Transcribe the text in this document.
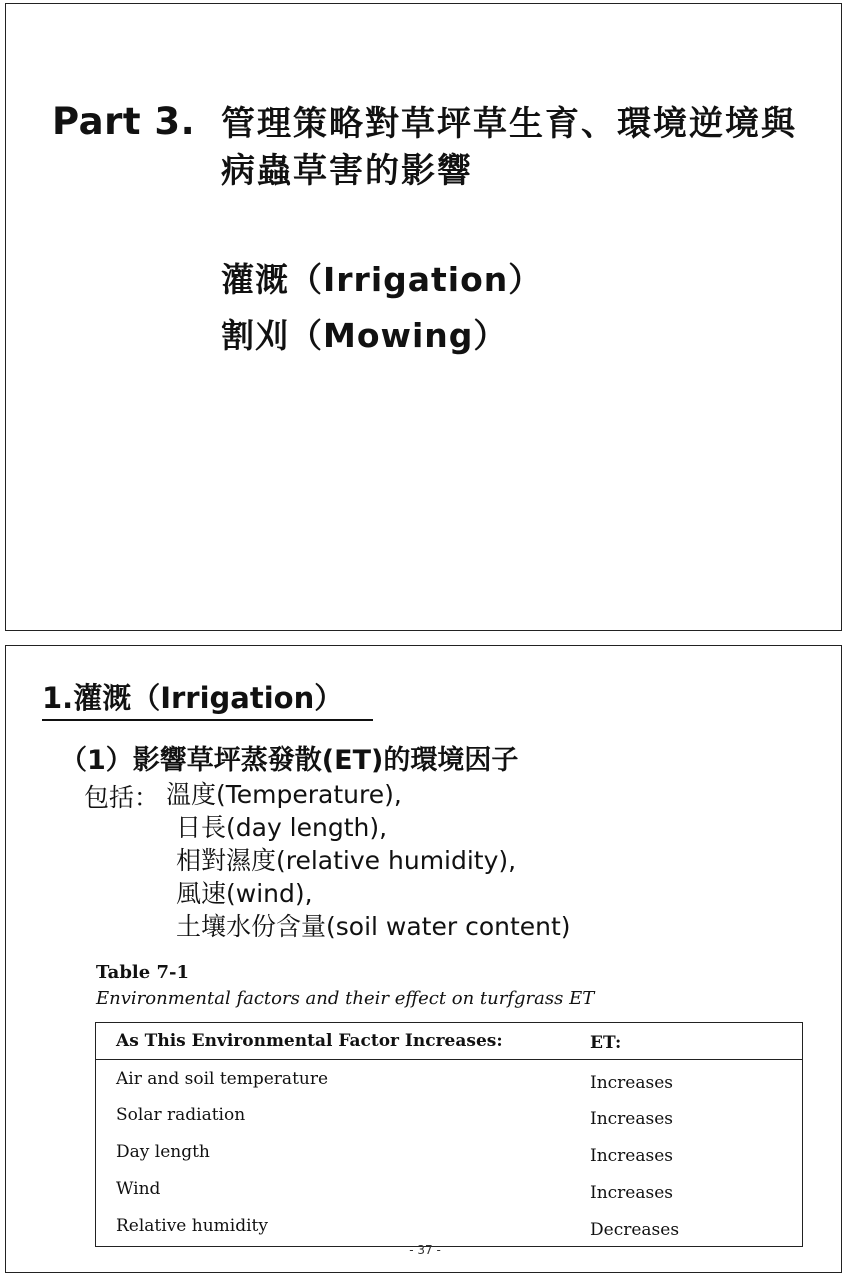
Part 3. 管理策略對草坪草生育、環境逆境與病蟲草害的影響
灌溉（Irrigation）
割刈（Mowing）
1.灌溉（Irrigation）
（1）影響草坪蒸發散(ET)的環境因子
包括： 溫度(Temperature),
日長(day length),
相對濕度(relative humidity),
風速(wind),
土壤水份含量(soil water content)
Table 7-1
Environmental factors and their effect on turfgrass ET
As This Environmental Factor Increases:	ET:
Air and soil temperature	Increases
Solar radiation	Increases
Day length	Increases
Wind	Increases
Relative humidity	Decreases
- 37 -
